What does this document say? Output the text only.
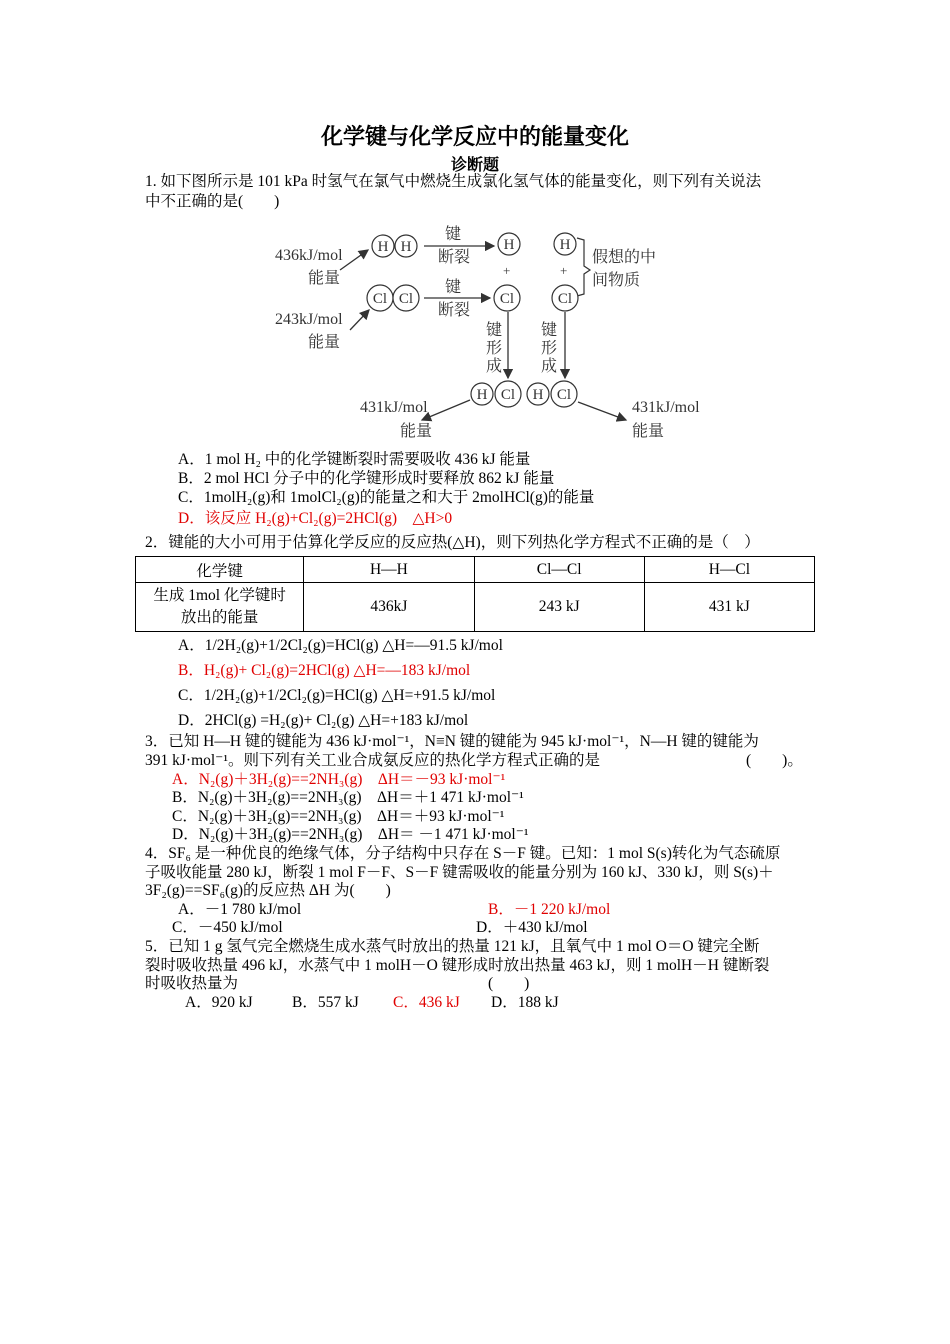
化学键与化学反应中的能量变化
诊断题
1. 如下图所示是 101 kPa 时氢气在氯气中燃烧生成氯化氢气体的能量变化，则下列有关说法
中不正确的是(　　)
436kJ/mol
能量
243kJ/mol
能量
431kJ/mol
能量
431kJ/mol
能量
键
断裂
键
断裂
假想的中
间物质
键
形
成
键
形
成
+	+
H H	H	H
Cl Cl	Cl	Cl
H Cl H Cl
A．1 mol H₂ 中的化学键断裂时需要吸收 436 kJ 能量
B．2 mol HCl 分子中的化学键形成时要释放 862 kJ 能量
C．1molH₂(g)和 1molCl₂(g)的能量之和大于 2molHCl(g)的能量
D．该反应 H₂(g)+Cl₂(g)=2HCl(g)　△H>0
2．键能的大小可用于估算化学反应的反应热(△H)，则下列热化学方程式不正确的是（　）
化学键	H—H	Cl—Cl	H—Cl

生成 1mol 化学键时
放出的能量	436kJ	243 kJ	431 kJ
A．1/2H₂(g)+1/2Cl₂(g)=HCl(g) △H=—91.5 kJ/mol
B．H₂(g)+ Cl₂(g)=2HCl(g) △H=—183 kJ/mol
C．1/2H₂(g)+1/2Cl₂(g)=HCl(g) △H=+91.5 kJ/mol
D．2HCl(g) =H₂(g)+ Cl₂(g) △H=+183 kJ/mol
3．已知 H—H 键的键能为 436 kJ·mol⁻¹，N≡N 键的键能为 945 kJ·mol⁻¹，N—H 键的键能为
391 kJ·mol⁻¹。则下列有关工业合成氨反应的热化学方程式正确的是	(　　)。
A．N₂(g)＋3H₂(g)==2NH₃(g)　ΔH＝－93 kJ·mol⁻¹
B．N₂(g)＋3H₂(g)==2NH₃(g)　ΔH＝＋1 471 kJ·mol⁻¹
C．N₂(g)＋3H₂(g)==2NH₃(g)　ΔH＝＋93 kJ·mol⁻¹
D．N₂(g)＋3H₂(g)==2NH₃(g)　ΔH＝ －1 471 kJ·mol⁻¹
4．SF₆ 是一种优良的绝缘气体，分子结构中只存在 S－F 键。已知：1 mol S(s)转化为气态硫原
子吸收能量 280 kJ，断裂 1 mol F－F、S－F 键需吸收的能量分别为 160 kJ、330 kJ，则 S(s)＋
3F₂(g)==SF₆(g)的反应热 ΔH 为(　　)
A．－1 780 kJ/mol	B．－1 220 kJ/mol
C．－450 kJ/mol	D．＋430 kJ/mol
5．已知 1 g 氢气完全燃烧生成水蒸气时放出的热量 121 kJ，且氧气中 1 mol O＝O 键完全断
裂时吸收热量 496 kJ，水蒸气中 1 molH－O 键形成时放出热量 463 kJ，则 1 molH－H 键断裂
时吸收热量为	(　　)
A．920 kJ	B．557 kJ C．436 kJ D．188 kJ
